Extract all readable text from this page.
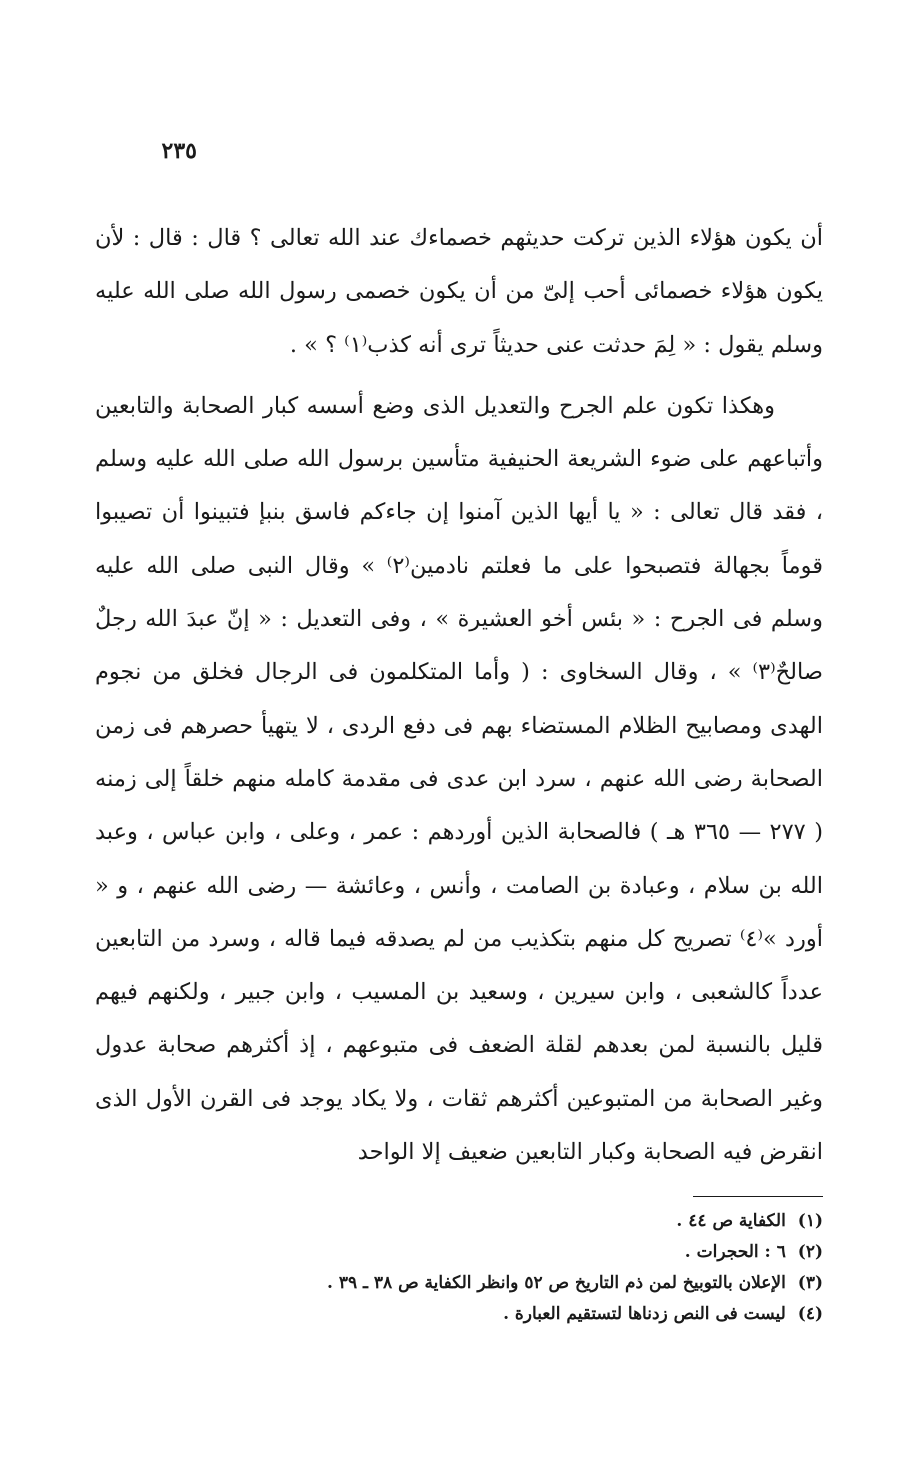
٢٣٥

أن يكون هؤلاء الذين تركت حديثهم خصماءك عند الله تعالى ؟ قال : قال : لأن يكون هؤلاء خصمائى أحب إلىّ من أن يكون خصمى رسول الله صلى الله عليه وسلم يقول : « لِمَ حدثت عنى حديثاً ترى أنه كذب⁽١⁾ ؟ » .

وهكذا تكون علم الجرح والتعديل الذى وضع أسسه كبار الصحابة والتابعين وأتباعهم على ضوء الشريعة الحنيفية متأسين برسول الله صلى الله عليه وسلم ، فقد قال تعالى : « يا أيها الذين آمنوا إن جاءكم فاسق بنبإ فتبينوا أن تصيبوا قوماً بجهالة فتصبحوا على ما فعلتم نادمين⁽٢⁾ » وقال النبى صلى الله عليه وسلم فى الجرح : « بئس أخو العشيرة » ، وفى التعديل : « إنّ عبدَ الله رجلٌ صالحٌ⁽٣⁾ » ، وقال السخاوى : ( وأما المتكلمون فى الرجال فخلق من نجوم الهدى ومصابيح الظلام المستضاء بهم فى دفع الردى ، لا يتهيأ حصرهم فى زمن الصحابة رضى الله عنهم ، سرد ابن عدى فى مقدمة كامله منهم خلقاً إلى زمنه ( ٢٧٧ — ٣٦٥ هـ ) فالصحابة الذين أوردهم : عمر ، وعلى ، وابن عباس ، وعبد الله بن سلام ، وعبادة بن الصامت ، وأنس ، وعائشة — رضى الله عنهم ، و « أورد »⁽٤⁾ تصريح كل منهم بتكذيب من لم يصدقه فيما قاله ، وسرد من التابعين عدداً كالشعبى ، وابن سيرين ، وسعيد بن المسيب ، وابن جبير ، ولكنهم فيهم قليل بالنسبة لمن بعدهم لقلة الضعف فى متبوعهم ، إذ أكثرهم صحابة عدول وغير الصحابة من المتبوعين أكثرهم ثقات ، ولا يكاد يوجد فى القرن الأول الذى انقرض فيه الصحابة وكبار التابعين ضعيف إلا الواحد

(١) الكفاية ص ٤٤ .

(٢) ٦ : الحجرات .

(٣) الإعلان بالتوبيخ لمن ذم التاريخ ص ٥٢ وانظر الكفاية ص ٣٨ ـ ٣٩ .

(٤) ليست فى النص زدناها لتستقيم العبارة .
